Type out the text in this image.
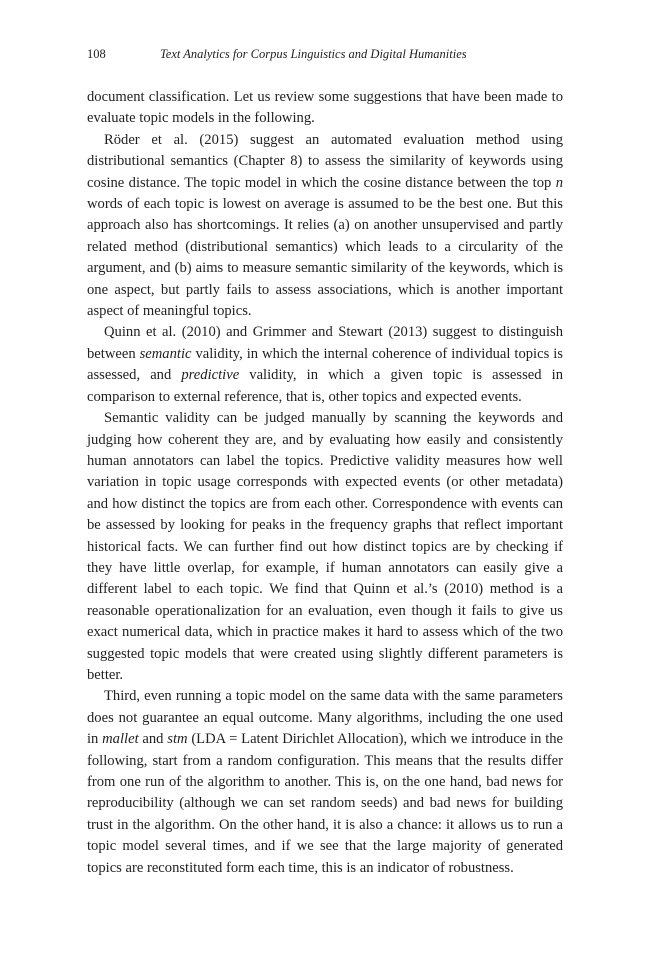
108	Text Analytics for Corpus Linguistics and Digital Humanities

document classification. Let us review some suggestions that have been made to evaluate topic models in the following.

Röder et al. (2015) suggest an automated evaluation method using distributional semantics (Chapter 8) to assess the similarity of keywords using cosine distance. The topic model in which the cosine distance between the top n words of each topic is lowest on average is assumed to be the best one. But this approach also has shortcomings. It relies (a) on another unsupervised and partly related method (distributional semantics) which leads to a circularity of the argument, and (b) aims to measure semantic similarity of the keywords, which is one aspect, but partly fails to assess associations, which is another important aspect of meaningful topics.

Quinn et al. (2010) and Grimmer and Stewart (2013) suggest to distinguish between semantic validity, in which the internal coherence of individual topics is assessed, and predictive validity, in which a given topic is assessed in comparison to external reference, that is, other topics and expected events.

Semantic validity can be judged manually by scanning the keywords and judging how coherent they are, and by evaluating how easily and consistently human annotators can label the topics. Predictive validity measures how well variation in topic usage corresponds with expected events (or other metadata) and how distinct the topics are from each other. Correspondence with events can be assessed by looking for peaks in the frequency graphs that reflect important historical facts. We can further find out how distinct topics are by checking if they have little overlap, for example, if human annotators can easily give a different label to each topic. We find that Quinn et al.’s (2010) method is a reasonable operationalization for an evaluation, even though it fails to give us exact numerical data, which in practice makes it hard to assess which of the two suggested topic models that were created using slightly different parameters is better.

Third, even running a topic model on the same data with the same parameters does not guarantee an equal outcome. Many algorithms, including the one used in mallet and stm (LDA = Latent Dirichlet Allocation), which we introduce in the following, start from a random configuration. This means that the results differ from one run of the algorithm to another. This is, on the one hand, bad news for reproducibility (although we can set random seeds) and bad news for building trust in the algorithm. On the other hand, it is also a chance: it allows us to run a topic model several times, and if we see that the large majority of generated topics are reconstituted form each time, this is an indicator of robustness.
